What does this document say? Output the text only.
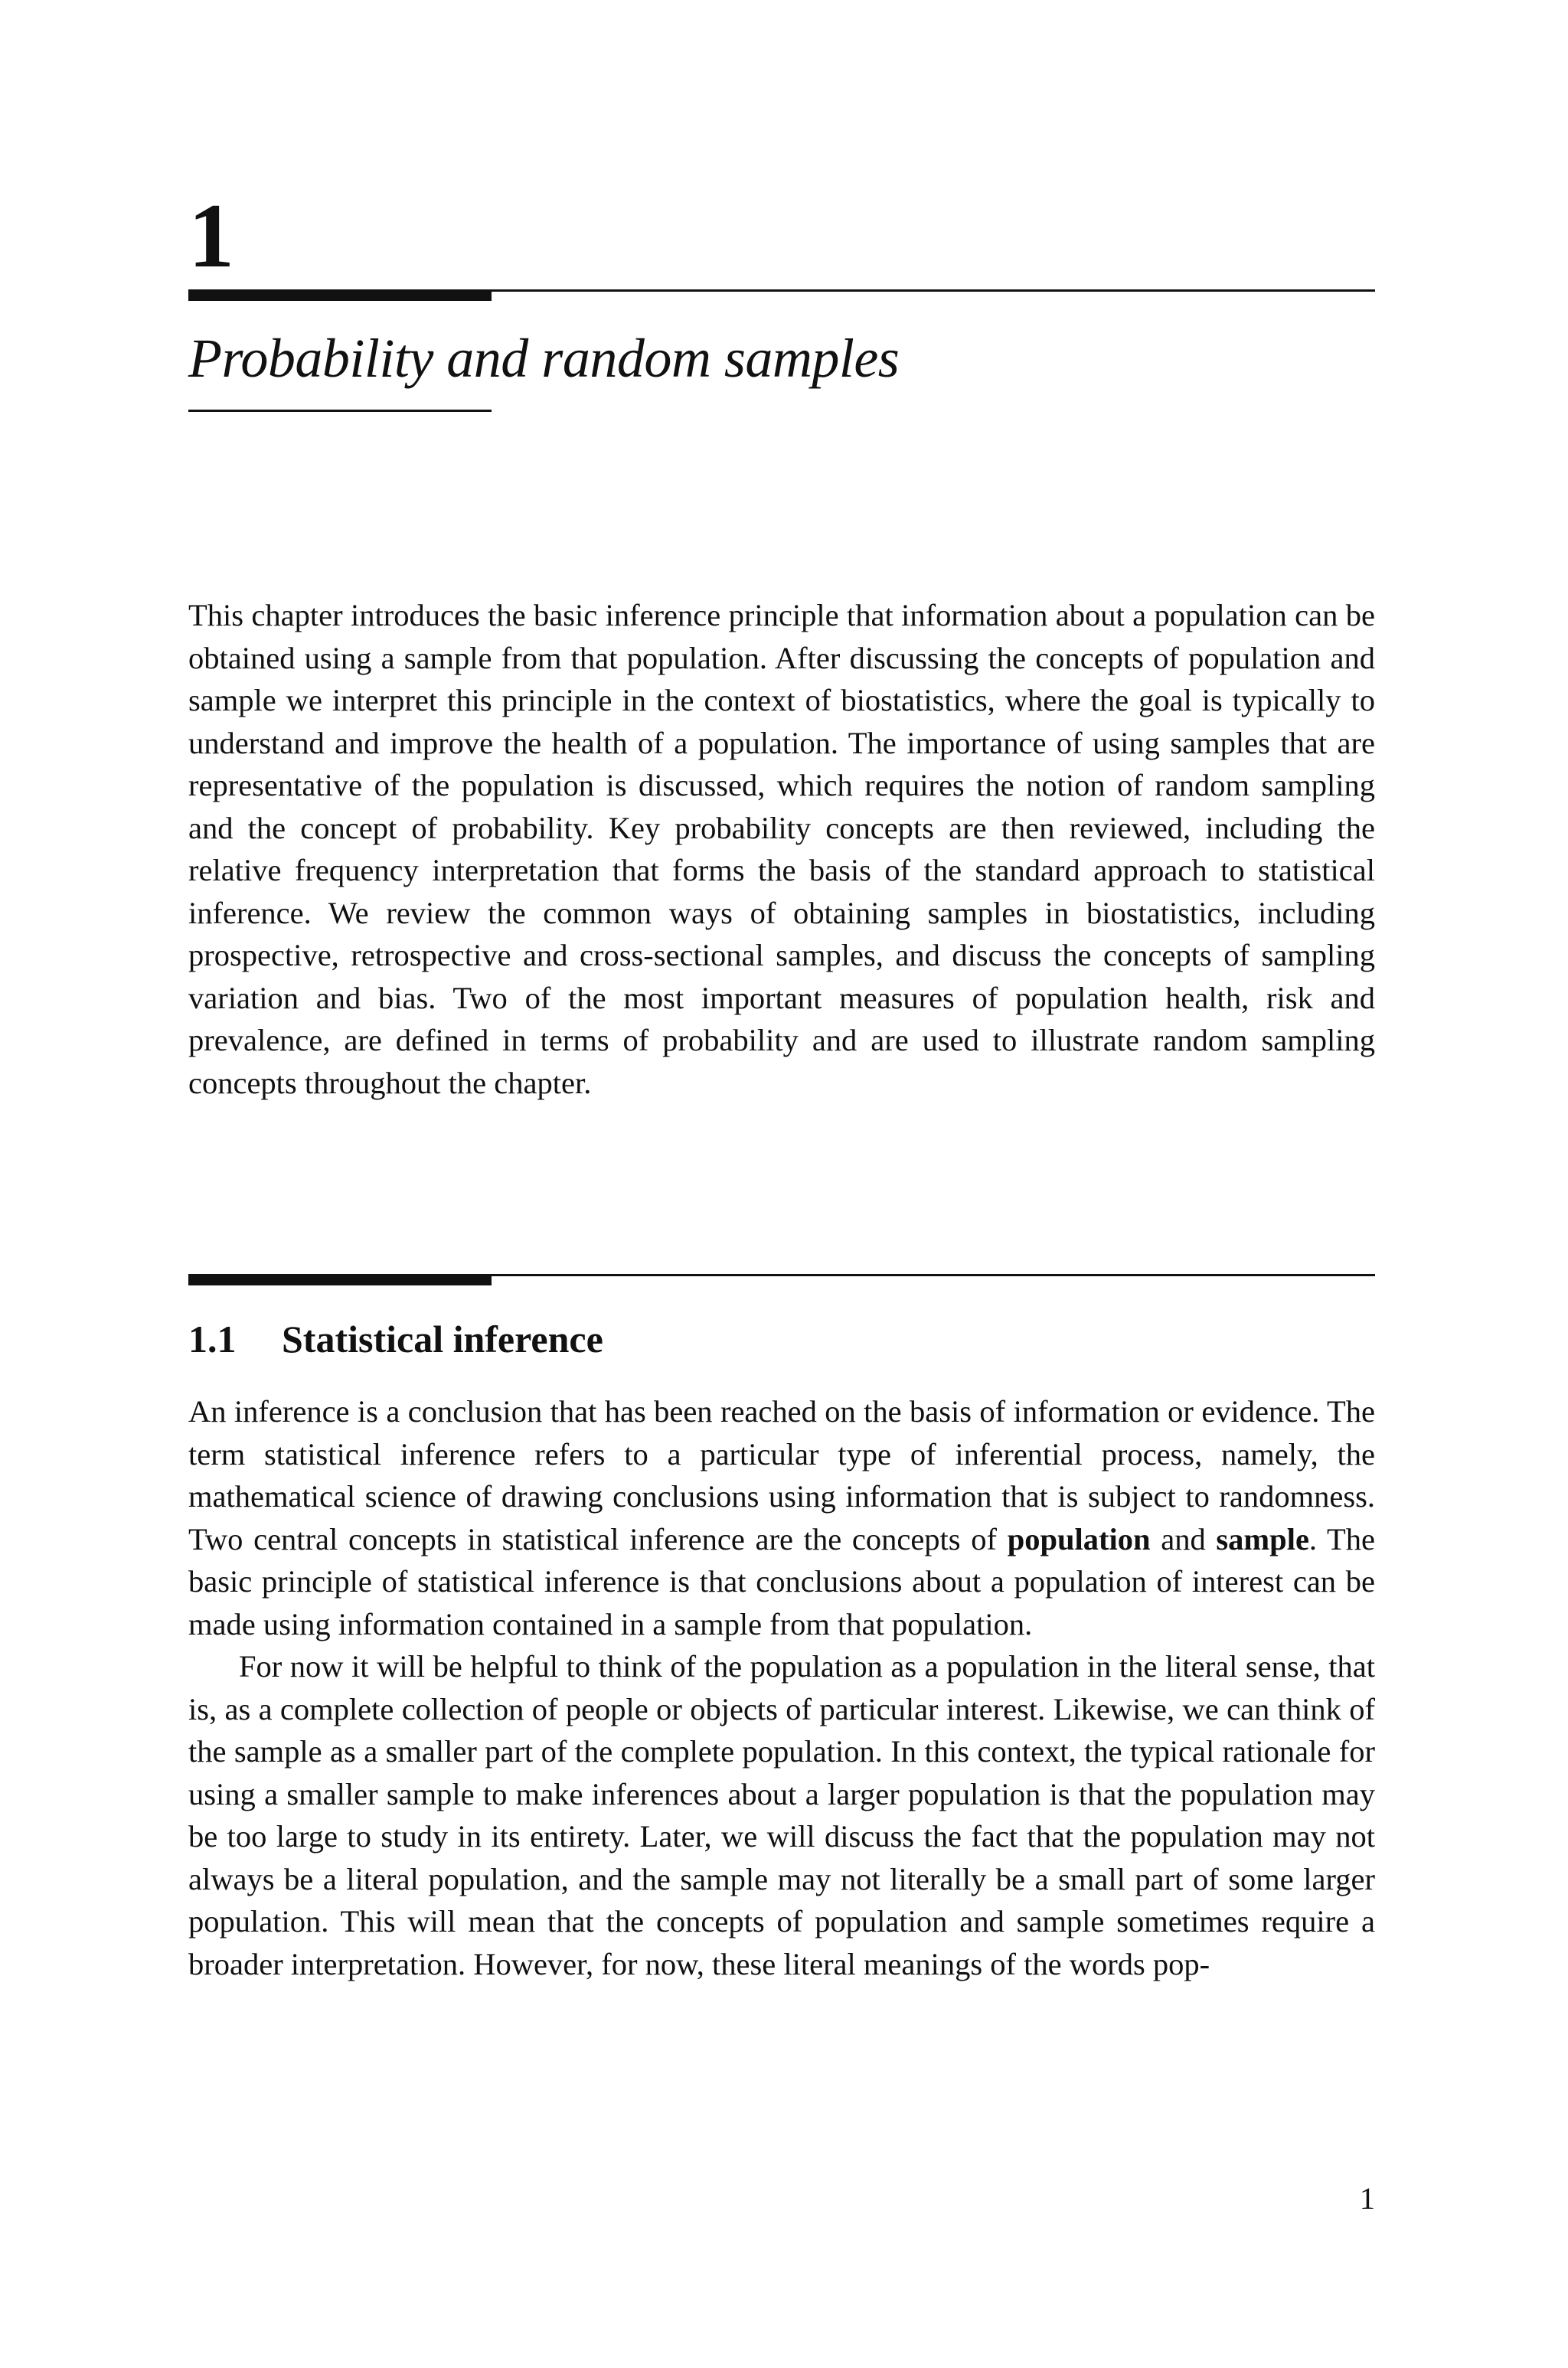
1
Probability and random samples

This chapter introduces the basic inference principle that information about a population can be obtained using a sample from that population. After discussing the concepts of population and sample we interpret this principle in the context of biostatistics, where the goal is typically to understand and improve the health of a population. The importance of using samples that are representative of the population is discussed, which requires the notion of random sampling and the concept of probability. Key probability concepts are then reviewed, including the relative frequency interpretation that forms the basis of the standard approach to statistical inference. We review the common ways of obtaining samples in biostatistics, including prospective, retrospective and cross-sectional samples, and discuss the concepts of sampling variation and bias. Two of the most important measures of population health, risk and prevalence, are defined in terms of probability and are used to illustrate random sampling concepts throughout the chapter.

1.1 Statistical inference

An inference is a conclusion that has been reached on the basis of information or evidence. The term statistical inference refers to a particular type of inferential process, namely, the mathematical science of drawing conclusions using information that is subject to randomness. Two central concepts in statistical inference are the concepts of population and sample. The basic principle of statistical inference is that conclusions about a population of interest can be made using information contained in a sample from that population.

For now it will be helpful to think of the population as a population in the literal sense, that is, as a complete collection of people or objects of particular interest. Likewise, we can think of the sample as a smaller part of the complete population. In this context, the typical rationale for using a smaller sample to make inferences about a larger population is that the population may be too large to study in its entirety. Later, we will discuss the fact that the population may not always be a literal population, and the sample may not literally be a small part of some larger population. This will mean that the concepts of population and sample sometimes require a broader interpretation. However, for now, these literal meanings of the words pop-

1
